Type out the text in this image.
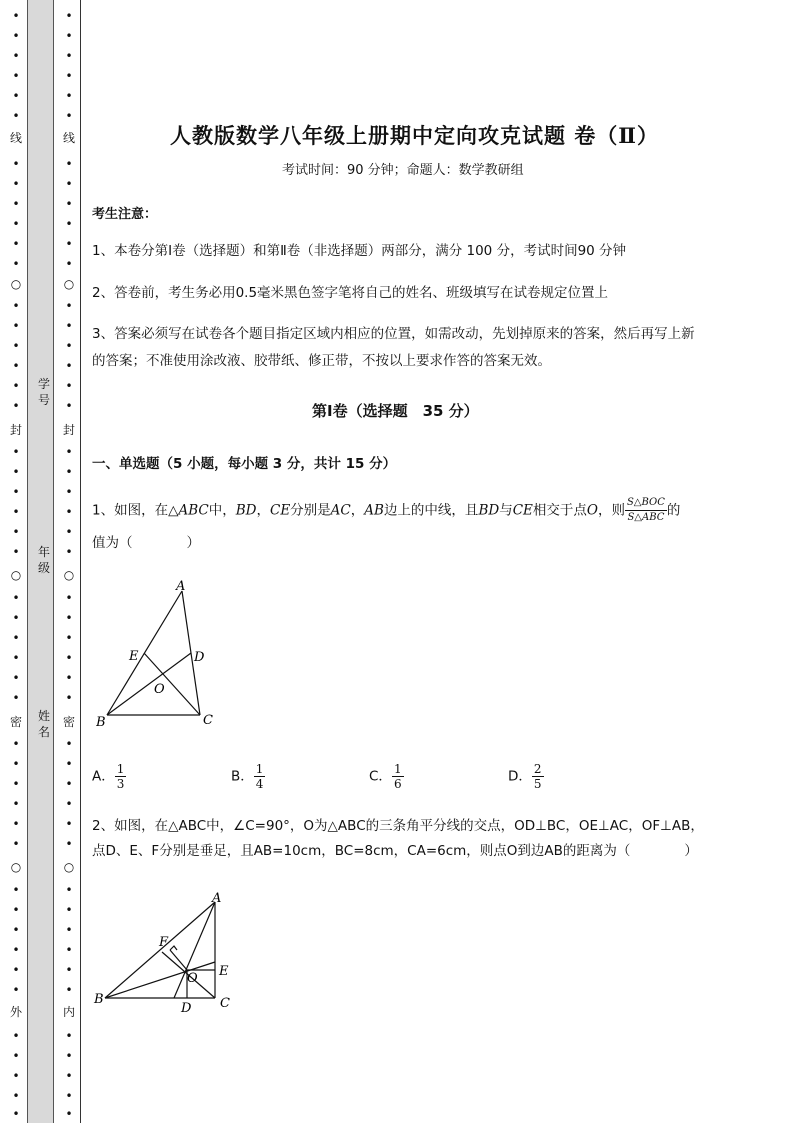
•
•
•
•
•
•
线
•
•
•
•
•
•
○
•
•
•
•
•
•
封
•
•
•
•
•
•
○
•
•
•
•
•
•
密
•
•
•
•
•
•
○
•
•
•
•
•
•
外
•
•
•
•
•
学号
年级
姓名
•
•
•
•
•
•
线
•
•
•
•
•
•
○
•
•
•
•
•
•
封
•
•
•
•
•
•
○
•
•
•
•
•
•
密
•
•
•
•
•
•
○
•
•
•
•
•
•
内
•
•
•
•
•
人教版数学八年级上册期中定向攻克试题 卷（Ⅱ）
考试时间：90 分钟；命题人：数学教研组
考生注意：
1、本卷分第Ⅰ卷（选择题）和第Ⅱ卷（非选择题）两部分，满分 100 分，考试时间90 分钟
2、答卷前，考生务必用0.5毫米黑色签字笔将自己的姓名、班级填写在试卷规定位置上
3、答案必须写在试卷各个题目指定区域内相应的位置，如需改动，先划掉原来的答案，然后再写上新
的答案；不准使用涂改液、胶带纸、修正带，不按以上要求作答的答案无效。
第Ⅰ卷（选择题　35 分）
一、单选题（5 小题，每小题 3 分，共计 15 分）
1、如图，在△ABC中，BD，CE分别是AC，AB边上的中线，且BD与CE相交于点O，则 $\frac{\text{S△BOC}}{\text{S△ABC}}$ 的
值为（　　　　）
A
B	C
D
E
O
A． $\frac{1}{3}$	B． $\frac{1}{4}$	C． $\frac{1}{6}$	D． $\frac{2}{5}$
2、如图，在△ABC中，∠C=90°，O为△ABC的三条角平分线的交点，OD⊥BC，OE⊥AC，OF⊥AB，
点D、E、F分别是垂足，且AB=10cm，BC=8cm，CA=6cm，则点O到边AB的距离为（　　　　）
A
B	C
D
E
F
O
